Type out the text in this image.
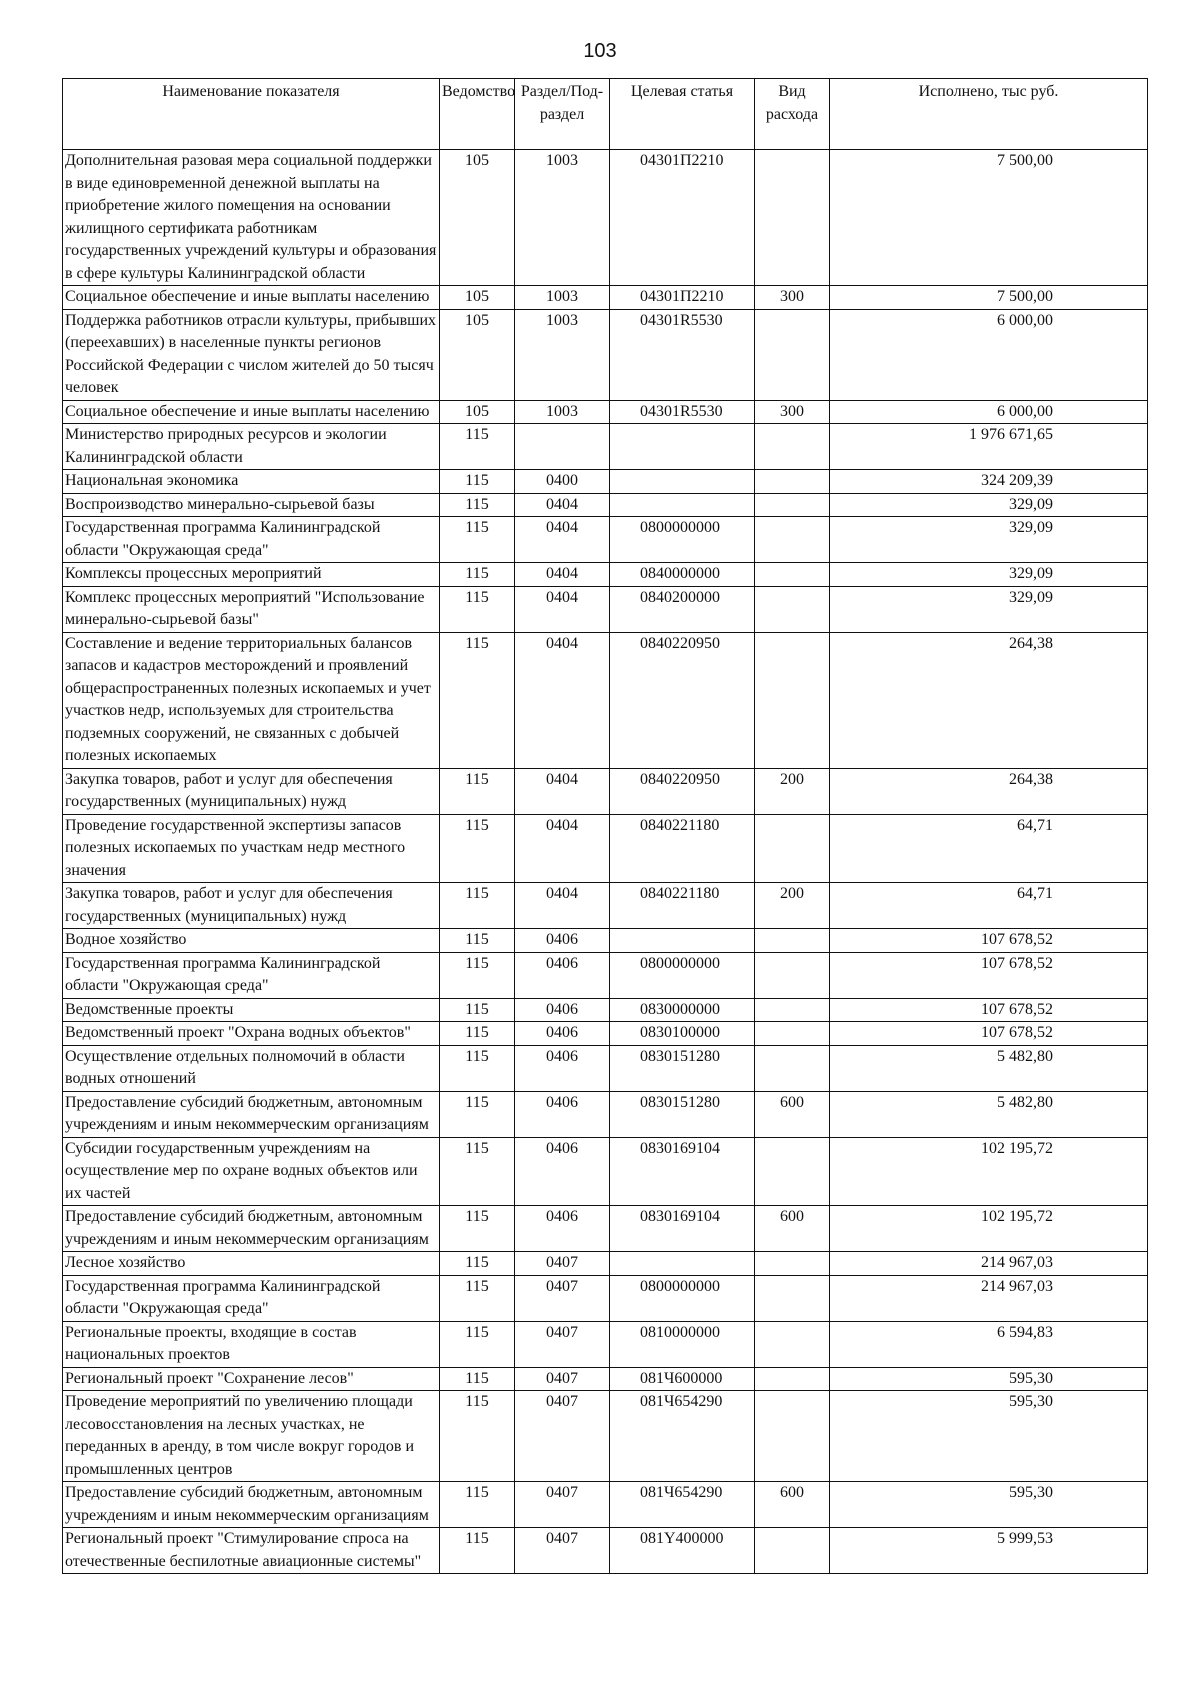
103
Наименование показателя	Ведомство	Раздел/Под-раздел	Целевая статья	Вид расхода	Исполнено, тыс руб.
Дополнительная разовая мера социальной поддержки в виде единовременной денежной выплаты на приобретение жилого помещения на основании жилищного сертификата работникам государственных учреждений культуры и образования в сфере культуры Калининградской области	105	1003	04301П2210		7 500,00
Социальное обеспечение и иные выплаты населению	105	1003	04301П2210	300	7 500,00
Поддержка работников отрасли культуры, прибывших (переехавших) в населенные пункты регионов Российской Федерации с числом жителей до 50 тысяч человек	105	1003	04301R5530		6 000,00
Социальное обеспечение и иные выплаты населению	105	1003	04301R5530	300	6 000,00
Министерство природных ресурсов и экологии Калининградской области	115				1 976 671,65
Национальная экономика	115	0400			324 209,39
Воспроизводство минерально-сырьевой базы	115	0404			329,09
Государственная программа Калининградской области "Окружающая среда"	115	0404	0800000000		329,09
Комплексы процессных мероприятий	115	0404	0840000000		329,09
Комплекс процессных мероприятий "Использование минерально-сырьевой базы"	115	0404	0840200000		329,09
Составление и ведение территориальных балансов запасов и кадастров месторождений и проявлений общераспространенных полезных ископаемых и учет участков недр, используемых для строительства подземных сооружений, не связанных с добычей полезных ископаемых	115	0404	0840220950		264,38
Закупка товаров, работ и услуг для обеспечения государственных (муниципальных) нужд	115	0404	0840220950	200	264,38
Проведение государственной экспертизы запасов полезных ископаемых по участкам недр местного значения	115	0404	0840221180		64,71
Закупка товаров, работ и услуг для обеспечения государственных (муниципальных) нужд	115	0404	0840221180	200	64,71
Водное хозяйство	115	0406			107 678,52
Государственная программа Калининградской области "Окружающая среда"	115	0406	0800000000		107 678,52
Ведомственные проекты	115	0406	0830000000		107 678,52
Ведомственный проект "Охрана водных объектов"	115	0406	0830100000		107 678,52
Осуществление отдельных полномочий в области водных отношений	115	0406	0830151280		5 482,80
Предоставление субсидий бюджетным, автономным учреждениям и иным некоммерческим организациям	115	0406	0830151280	600	5 482,80
Субсидии государственным учреждениям на осуществление мер по охране водных объектов или их частей	115	0406	0830169104		102 195,72
Предоставление субсидий бюджетным, автономным учреждениям и иным некоммерческим организациям	115	0406	0830169104	600	102 195,72
Лесное хозяйство	115	0407			214 967,03
Государственная программа Калининградской области "Окружающая среда"	115	0407	0800000000		214 967,03
Региональные проекты, входящие в состав национальных проектов	115	0407	0810000000		6 594,83
Региональный проект "Сохранение лесов"	115	0407	081Ч600000		595,30
Проведение мероприятий по увеличению площади лесовосстановления на лесных участках, не переданных в аренду, в том числе вокруг городов и промышленных центров	115	0407	081Ч654290		595,30
Предоставление субсидий бюджетным, автономным учреждениям и иным некоммерческим организациям	115	0407	081Ч654290	600	595,30
Региональный проект "Стимулирование спроса на отечественные беспилотные авиационные системы"	115	0407	081Y400000		5 999,53
